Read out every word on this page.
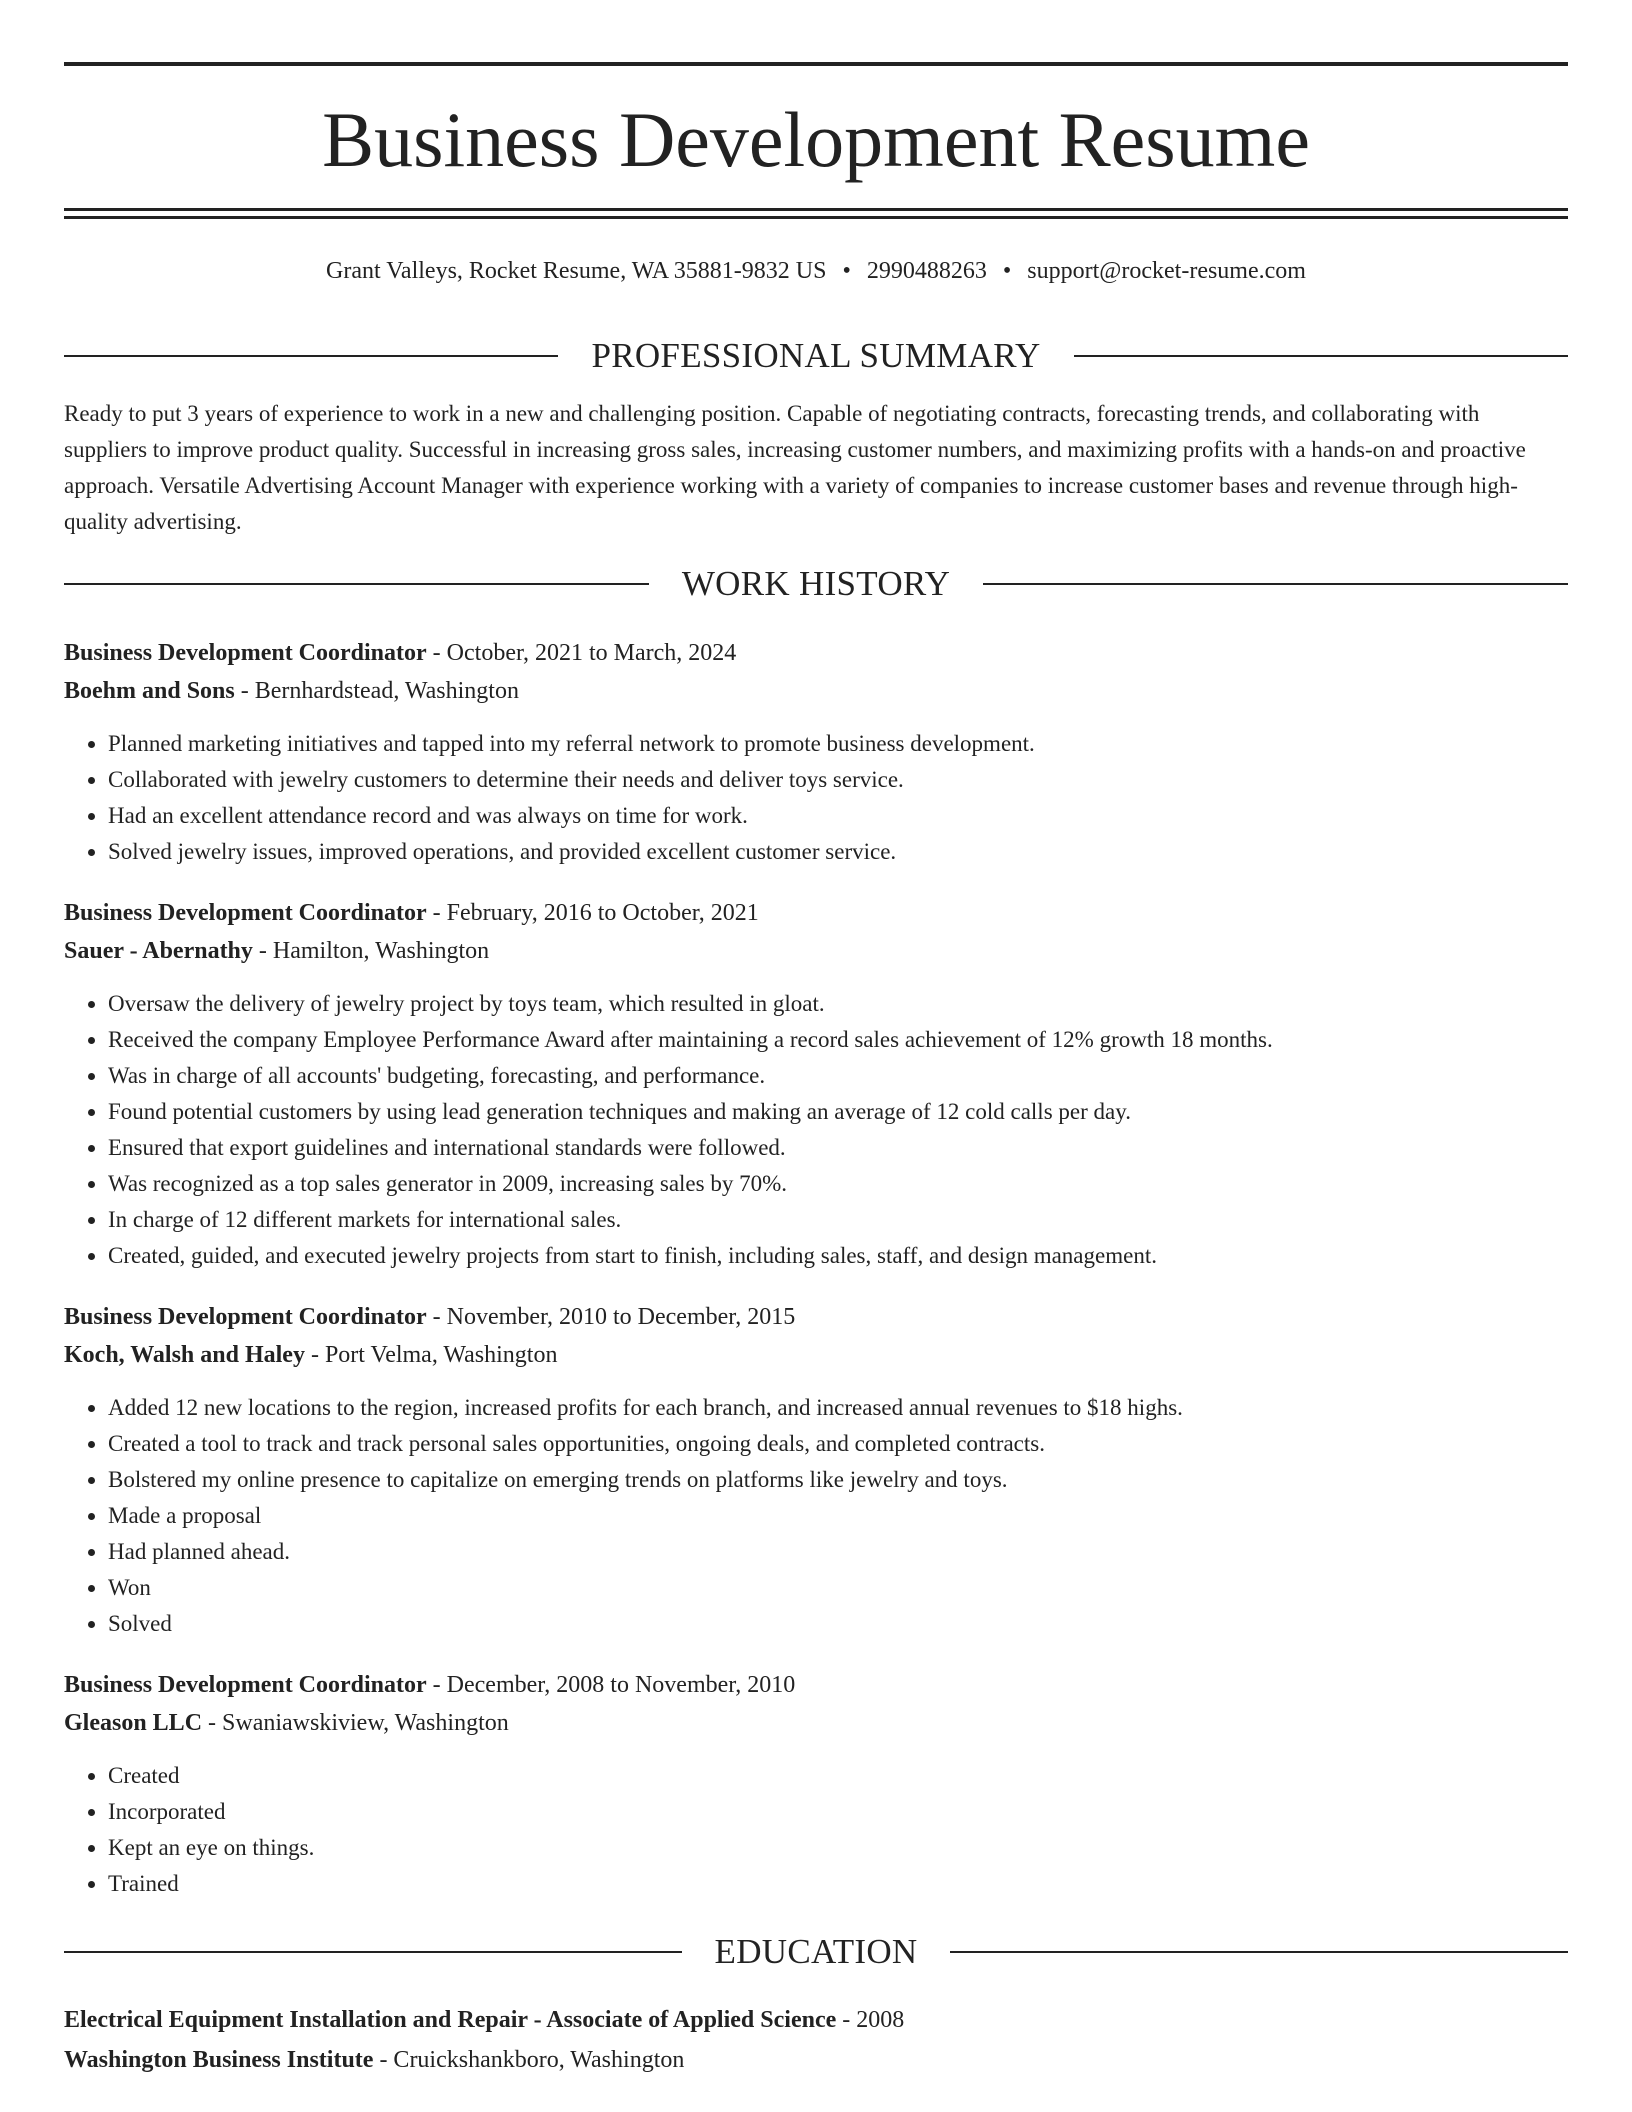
Business Development Resume
Grant Valleys, Rocket Resume, WA 35881-9832 US • 2990488263 • support@rocket-resume.com
PROFESSIONAL SUMMARY

Ready to put 3 years of experience to work in a new and challenging position. Capable of negotiating contracts, forecasting trends, and collaborating with suppliers to improve product quality. Successful in increasing gross sales, increasing customer numbers, and maximizing profits with a hands-on and proactive approach. Versatile Advertising Account Manager with experience working with a variety of companies to increase customer bases and revenue through high-quality advertising.

WORK HISTORY
Business Development Coordinator - October, 2021 to March, 2024
Boehm and Sons - Bernhardstead, Washington
• Planned marketing initiatives and tapped into my referral network to promote business development.
• Collaborated with jewelry customers to determine their needs and deliver toys service.
• Had an excellent attendance record and was always on time for work.
• Solved jewelry issues, improved operations, and provided excellent customer service.
Business Development Coordinator - February, 2016 to October, 2021
Sauer - Abernathy - Hamilton, Washington
• Oversaw the delivery of jewelry project by toys team, which resulted in gloat.
• Received the company Employee Performance Award after maintaining a record sales achievement of 12% growth 18 months.
• Was in charge of all accounts' budgeting, forecasting, and performance.
• Found potential customers by using lead generation techniques and making an average of 12 cold calls per day.
• Ensured that export guidelines and international standards were followed.
• Was recognized as a top sales generator in 2009, increasing sales by 70%.
• In charge of 12 different markets for international sales.
• Created, guided, and executed jewelry projects from start to finish, including sales, staff, and design management.
Business Development Coordinator - November, 2010 to December, 2015
Koch, Walsh and Haley - Port Velma, Washington
• Added 12 new locations to the region, increased profits for each branch, and increased annual revenues to $18 highs.
• Created a tool to track and track personal sales opportunities, ongoing deals, and completed contracts.
• Bolstered my online presence to capitalize on emerging trends on platforms like jewelry and toys.
• Made a proposal
• Had planned ahead.
• Won
• Solved
Business Development Coordinator - December, 2008 to November, 2010
Gleason LLC - Swaniawskiview, Washington
• Created
• Incorporated
• Kept an eye on things.
• Trained
EDUCATION
Electrical Equipment Installation and Repair - Associate of Applied Science - 2008
Washington Business Institute - Cruickshankboro, Washington
